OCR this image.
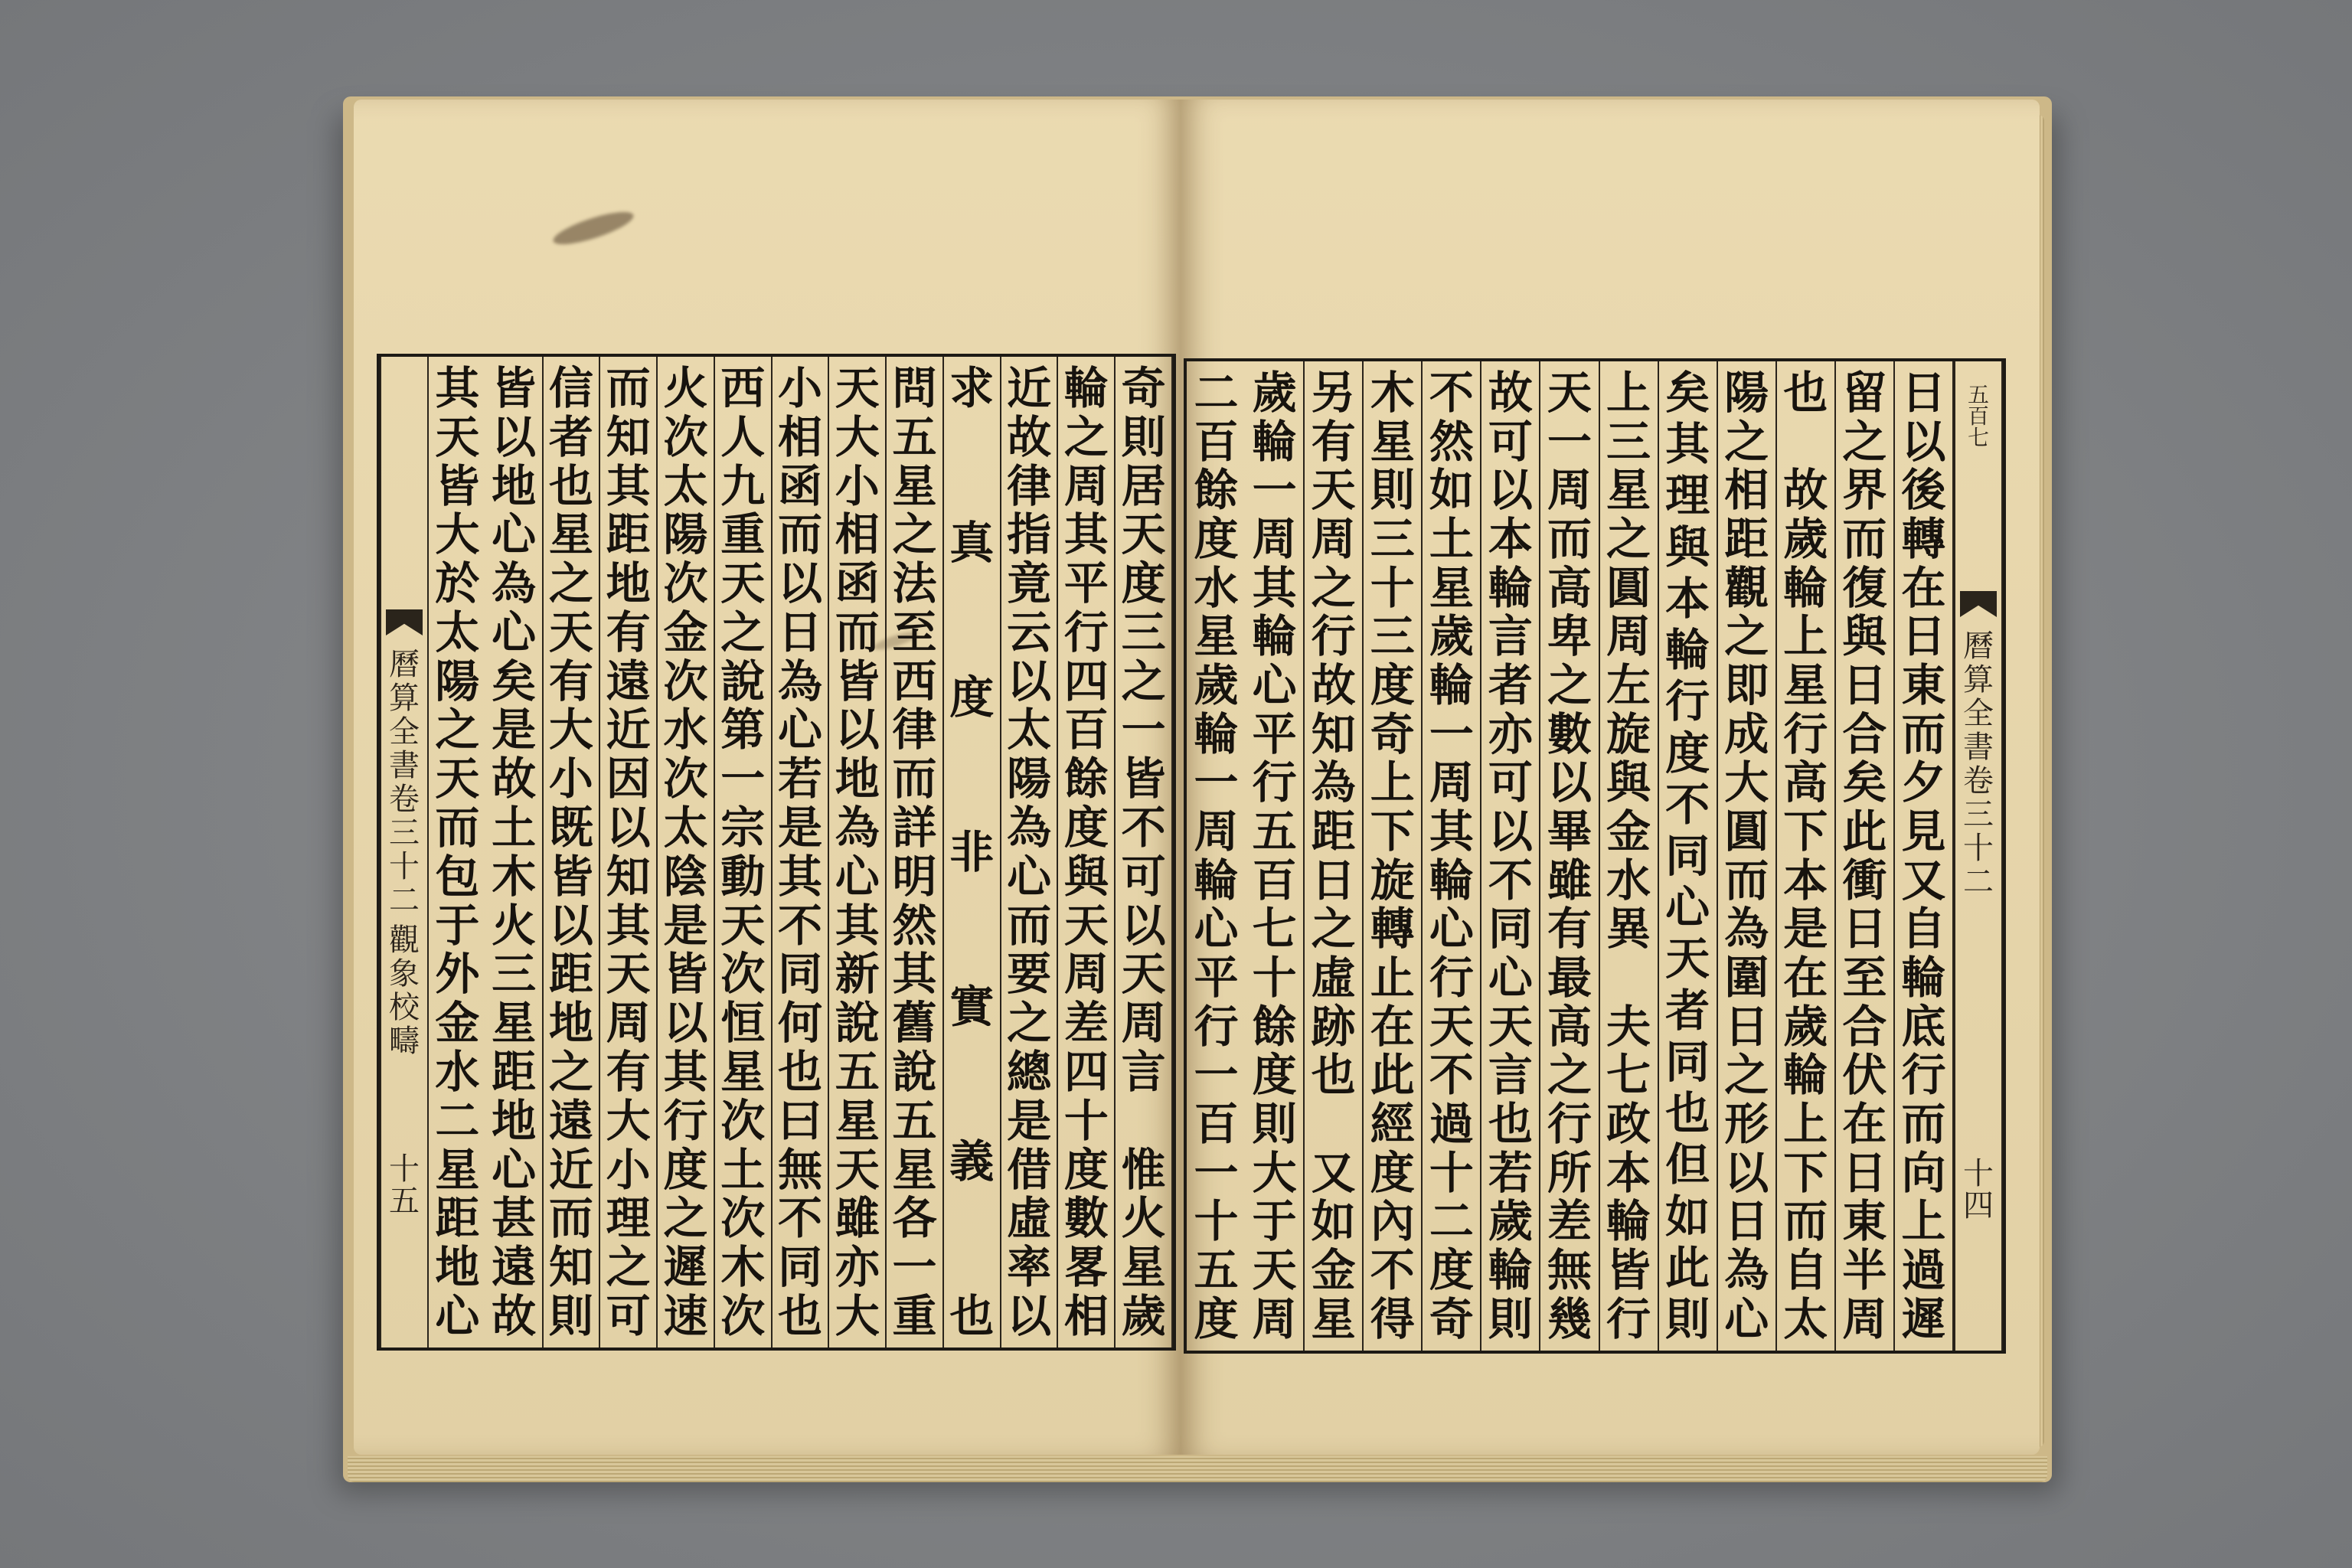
奇
則
居
天
度
三
之
一
皆
不
可
以
天
周
言

惟
火
星
歲
輪
之
周
其
平
行
四
百
餘
度
與
天
周
差
四
十
度
數
畧
相
近
故
律
指
竟
云
以
太
陽
為
心
而
要
之
總
是
借
虛
率
以
求
真
度
非
實
義
也
問
五
星
之
法
至
西
律
而
詳
明
然
其
舊
說
五
星
各
一
重
天
大
小
相
函
而
皆
以
地
為
心
其
新
說
五
星
天
雖
亦
大
小
相
函
而
以
日
為
心
若
是
其
不
同
何
也
曰
無
不
同
也
西
人
九
重
天
之
說
第
一
宗
動
天
次
恒
星
次
土
次
木
次
火
次
太
陽
次
金
次
水
次
太
陰
是
皆
以
其
行
度
之
遲
速
而
知
其
距
地
有
遠
近
因
以
知
其
天
周
有
大
小
理
之
可
信
者
也
星
之
天
有
大
小
既
皆
以
距
地
之
遠
近
而
知
則
皆
以
地
心
為
心
矣
是
故
土
木
火
三
星
距
地
心
甚
遠
故
其
天
皆
大
於
太
陽
之
天
而
包
于
外
金
水
二
星
距
地
心
曆
算
全
書
卷
三
十
二
觀
象
校
疇
十
五
日
以
後
轉
在
日
東
而
夕
見
又
自
輪
底
行
而
向
上
過
遲
留
之
界
而
復
與
日
合
矣
此
衝
日
至
合
伏
在
日
東
半
周
也

故
歲
輪
上
星
行
高
下
本
是
在
歲
輪
上
下
而
自
太
陽
之
相
距
觀
之
即
成
大
圓
而
為
圍
日
之
形
以
日
為
心
矣
其
理
與
本
輪
行
度
不
同
心
天
者
同
也
但
如
此
則
上
三
星
之
圓
周
左
旋
與
金
水
異

夫
七
政
本
輪
皆
行
天
一
周
而
高
卑
之
數
以
畢
雖
有
最
高
之
行
所
差
無
幾
故
可
以
本
輪
言
者
亦
可
以
不
同
心
天
言
也
若
歲
輪
則
不
然
如
土
星
歲
輪
一
周
其
輪
心
行
天
不
過
十
二
度
奇
木
星
則
三
十
三
度
奇
上
下
旋
轉
止
在
此
經
度
內
不
得
另
有
天
周
之
行
故
知
為
距
日
之
虛
跡
也

又
如
金
星
歲
輪
一
周
其
輪
心
平
行
五
百
七
十
餘
度
則
大
于
天
周
二
百
餘
度
水
星
歲
輪
一
周
輪
心
平
行
一
百
一
十
五
度
五
百
七
曆
算
全
書
卷
三
十
二
十
四
